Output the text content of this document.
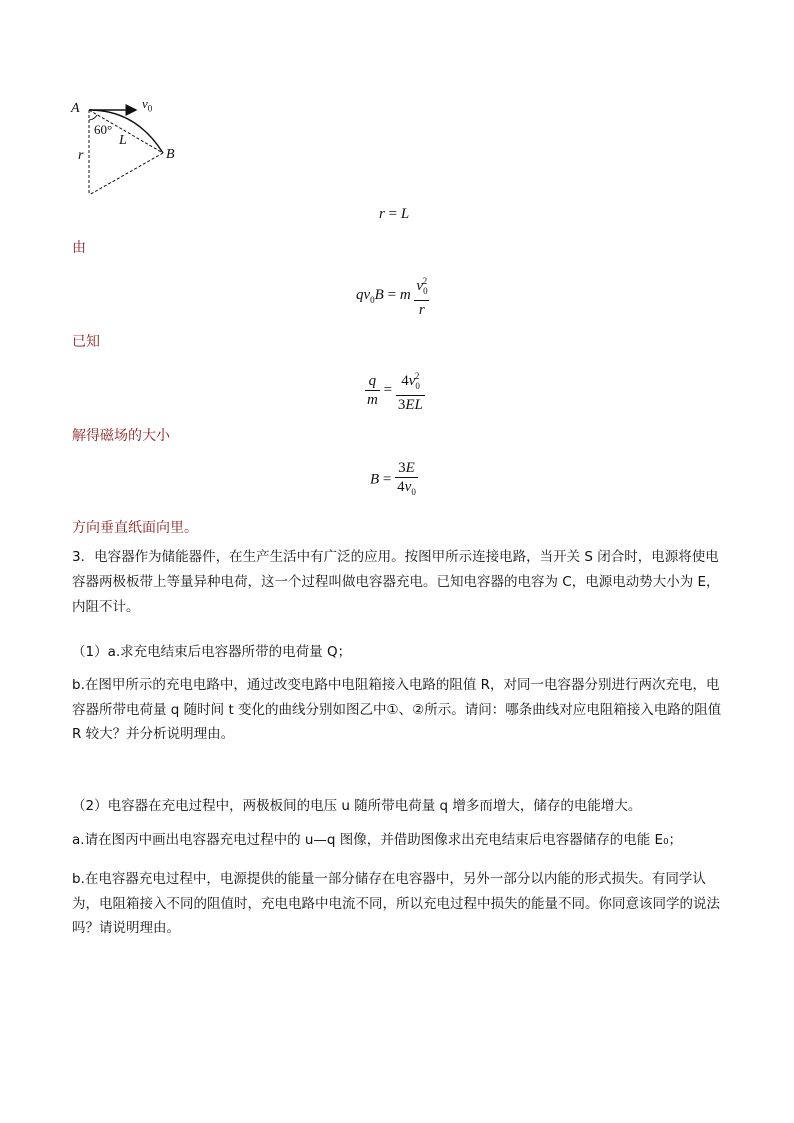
A	$v_0$
60°
L
r	B
r = L
由
$qv_0B = m \frac{v_0^2}{r}$
已知
$\frac{q}{m} = \frac{4v_0^2}{3EL}$
解得磁场的大小
$B = \frac{3E}{4v_0}$
方向垂直纸面向里。
3．电容器作为储能器件，在生产生活中有广泛的应用。按图甲所示连接电路，当开关 S 闭合时，电源将使电容器两极板带上等量异种电荷，这一个过程叫做电容器充电。已知电容器的电容为 C，电源电动势大小为 E，内阻不计。
（1）a.求充电结束后电容器所带的电荷量 Q；
b.在图甲所示的充电电路中，通过改变电路中电阻箱接入电路的阻值 R，对同一电容器分别进行两次充电，电容器所带电荷量 q 随时间 t 变化的曲线分别如图乙中①、②所示。请问：哪条曲线对应电阻箱接入电路的阻值 R 较大？并分析说明理由。
（2）电容器在充电过程中，两极板间的电压 u 随所带电荷量 q 增多而增大，储存的电能增大。
a.请在图丙中画出电容器充电过程中的 u—q 图像，并借助图像求出充电结束后电容器储存的电能 E₀；
b.在电容器充电过程中，电源提供的能量一部分储存在电容器中，另外一部分以内能的形式损失。有同学认为，电阻箱接入不同的阻值时，充电电路中电流不同，所以充电过程中损失的能量不同。你同意该同学的说法吗？请说明理由。
